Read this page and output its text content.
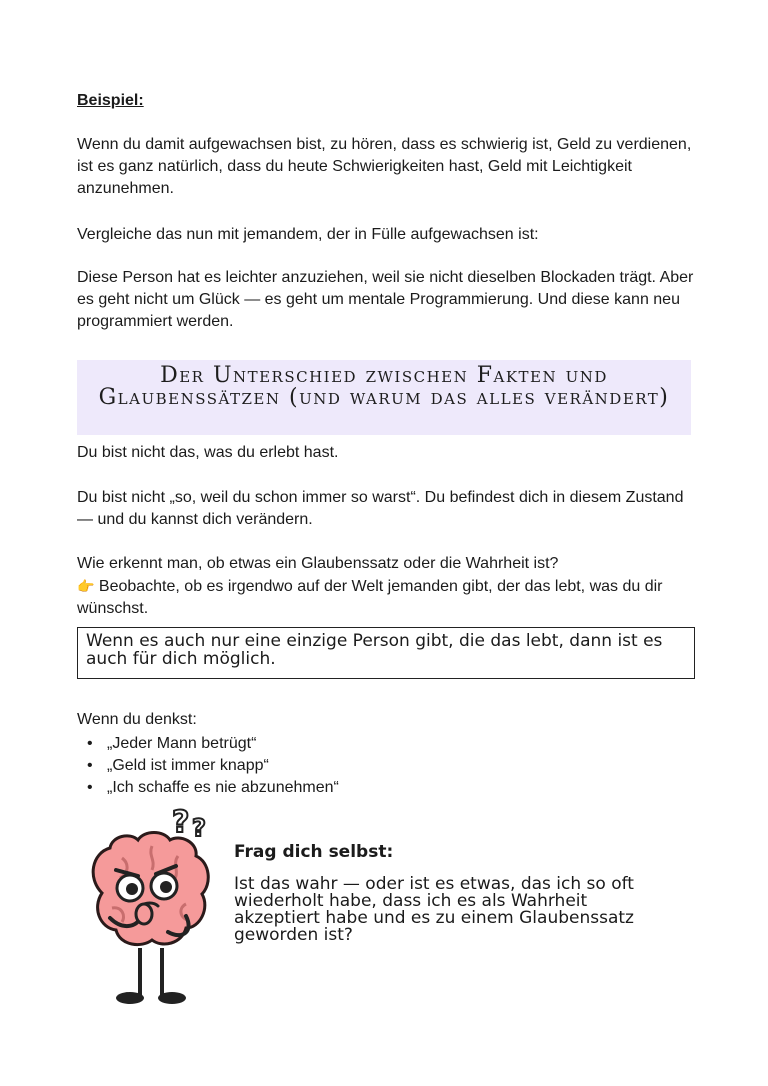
Beispiel:
Wenn du damit aufgewachsen bist, zu hören, dass es schwierig ist, Geld zu verdienen, ist es ganz natürlich, dass du heute Schwierigkeiten hast, Geld mit Leichtigkeit anzunehmen.
Vergleiche das nun mit jemandem, der in Fülle aufgewachsen ist:
Diese Person hat es leichter anzuziehen, weil sie nicht dieselben Blockaden trägt. Aber es geht nicht um Glück — es geht um mentale Programmierung. Und diese kann neu programmiert werden.
Der Unterschied zwischen Fakten und Glaubenssätzen (und warum das alles verändert)
Du bist nicht das, was du erlebt hast.
Du bist nicht „so, weil du schon immer so warst“. Du befindest dich in diesem Zustand — und du kannst dich verändern.
Wie erkennt man, ob etwas ein Glaubenssatz oder die Wahrheit ist?
👉 Beobachte, ob es irgendwo auf der Welt jemanden gibt, der das lebt, was du dir wünschst.
Wenn es auch nur eine einzige Person gibt, die das lebt, dann ist es auch für dich möglich.
Wenn du denkst:
• „Jeder Mann betrügt“
• „Geld ist immer knapp“
• „Ich schaffe es nie abzunehmen“
? ?
Frag dich selbst:
Ist das wahr — oder ist es etwas, das ich so oft wiederholt habe, dass ich es als Wahrheit akzeptiert habe und es zu einem Glaubenssatz geworden ist?
